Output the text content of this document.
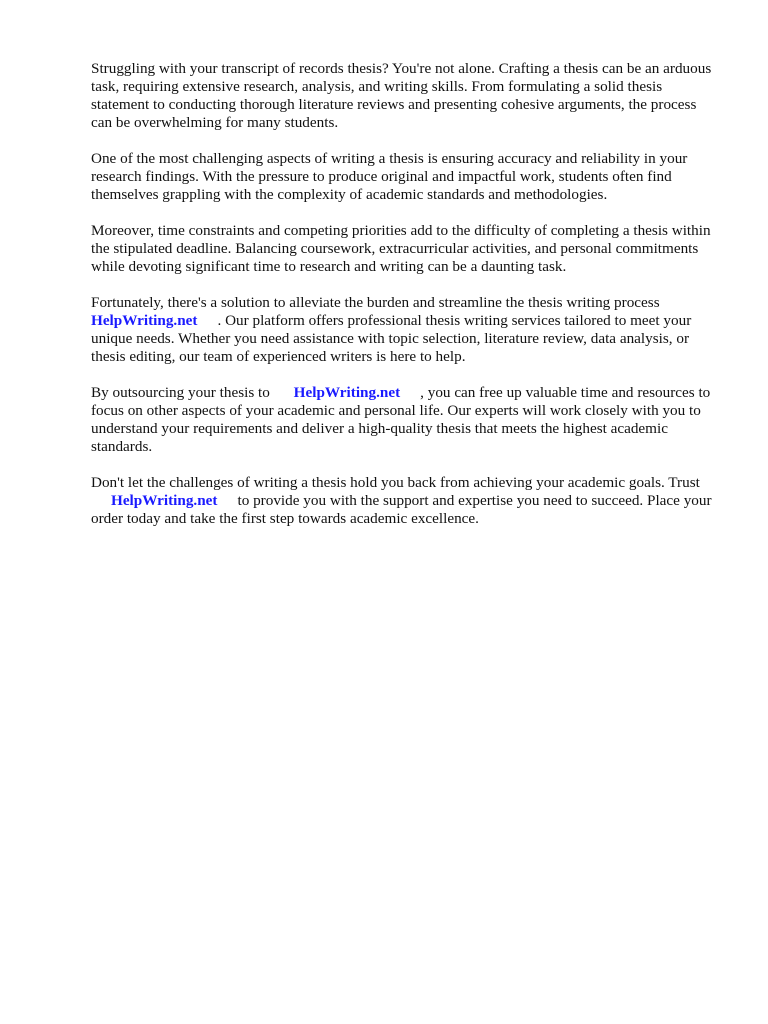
Struggling with your transcript of records thesis? You're not alone. Crafting a thesis can be an arduous task, requiring extensive research, analysis, and writing skills. From formulating a solid thesis statement to conducting thorough literature reviews and presenting cohesive arguments, the process can be overwhelming for many students.

One of the most challenging aspects of writing a thesis is ensuring accuracy and reliability in your research findings. With the pressure to produce original and impactful work, students often find themselves grappling with the complexity of academic standards and methodologies.

Moreover, time constraints and competing priorities add to the difficulty of completing a thesis within the stipulated deadline. Balancing coursework, extracurricular activities, and personal commitments while devoting significant time to research and writing can be a daunting task.

Fortunately, there's a solution to alleviate the burden and streamline the thesis writing process
HelpWriting.net . Our platform offers professional thesis writing services tailored to meet your unique needs. Whether you need assistance with topic selection, literature review, data analysis, or thesis editing, our team of experienced writers is here to help.

By outsourcing your thesis to HelpWriting.net , you can free up valuable time and resources to focus on other aspects of your academic and personal life. Our experts will work closely with you to understand your requirements and deliver a high-quality thesis that meets the highest academic standards.

Don't let the challenges of writing a thesis hold you back from achieving your academic goals. Trust
HelpWriting.net to provide you with the support and expertise you need to succeed. Place your order today and take the first step towards academic excellence.
